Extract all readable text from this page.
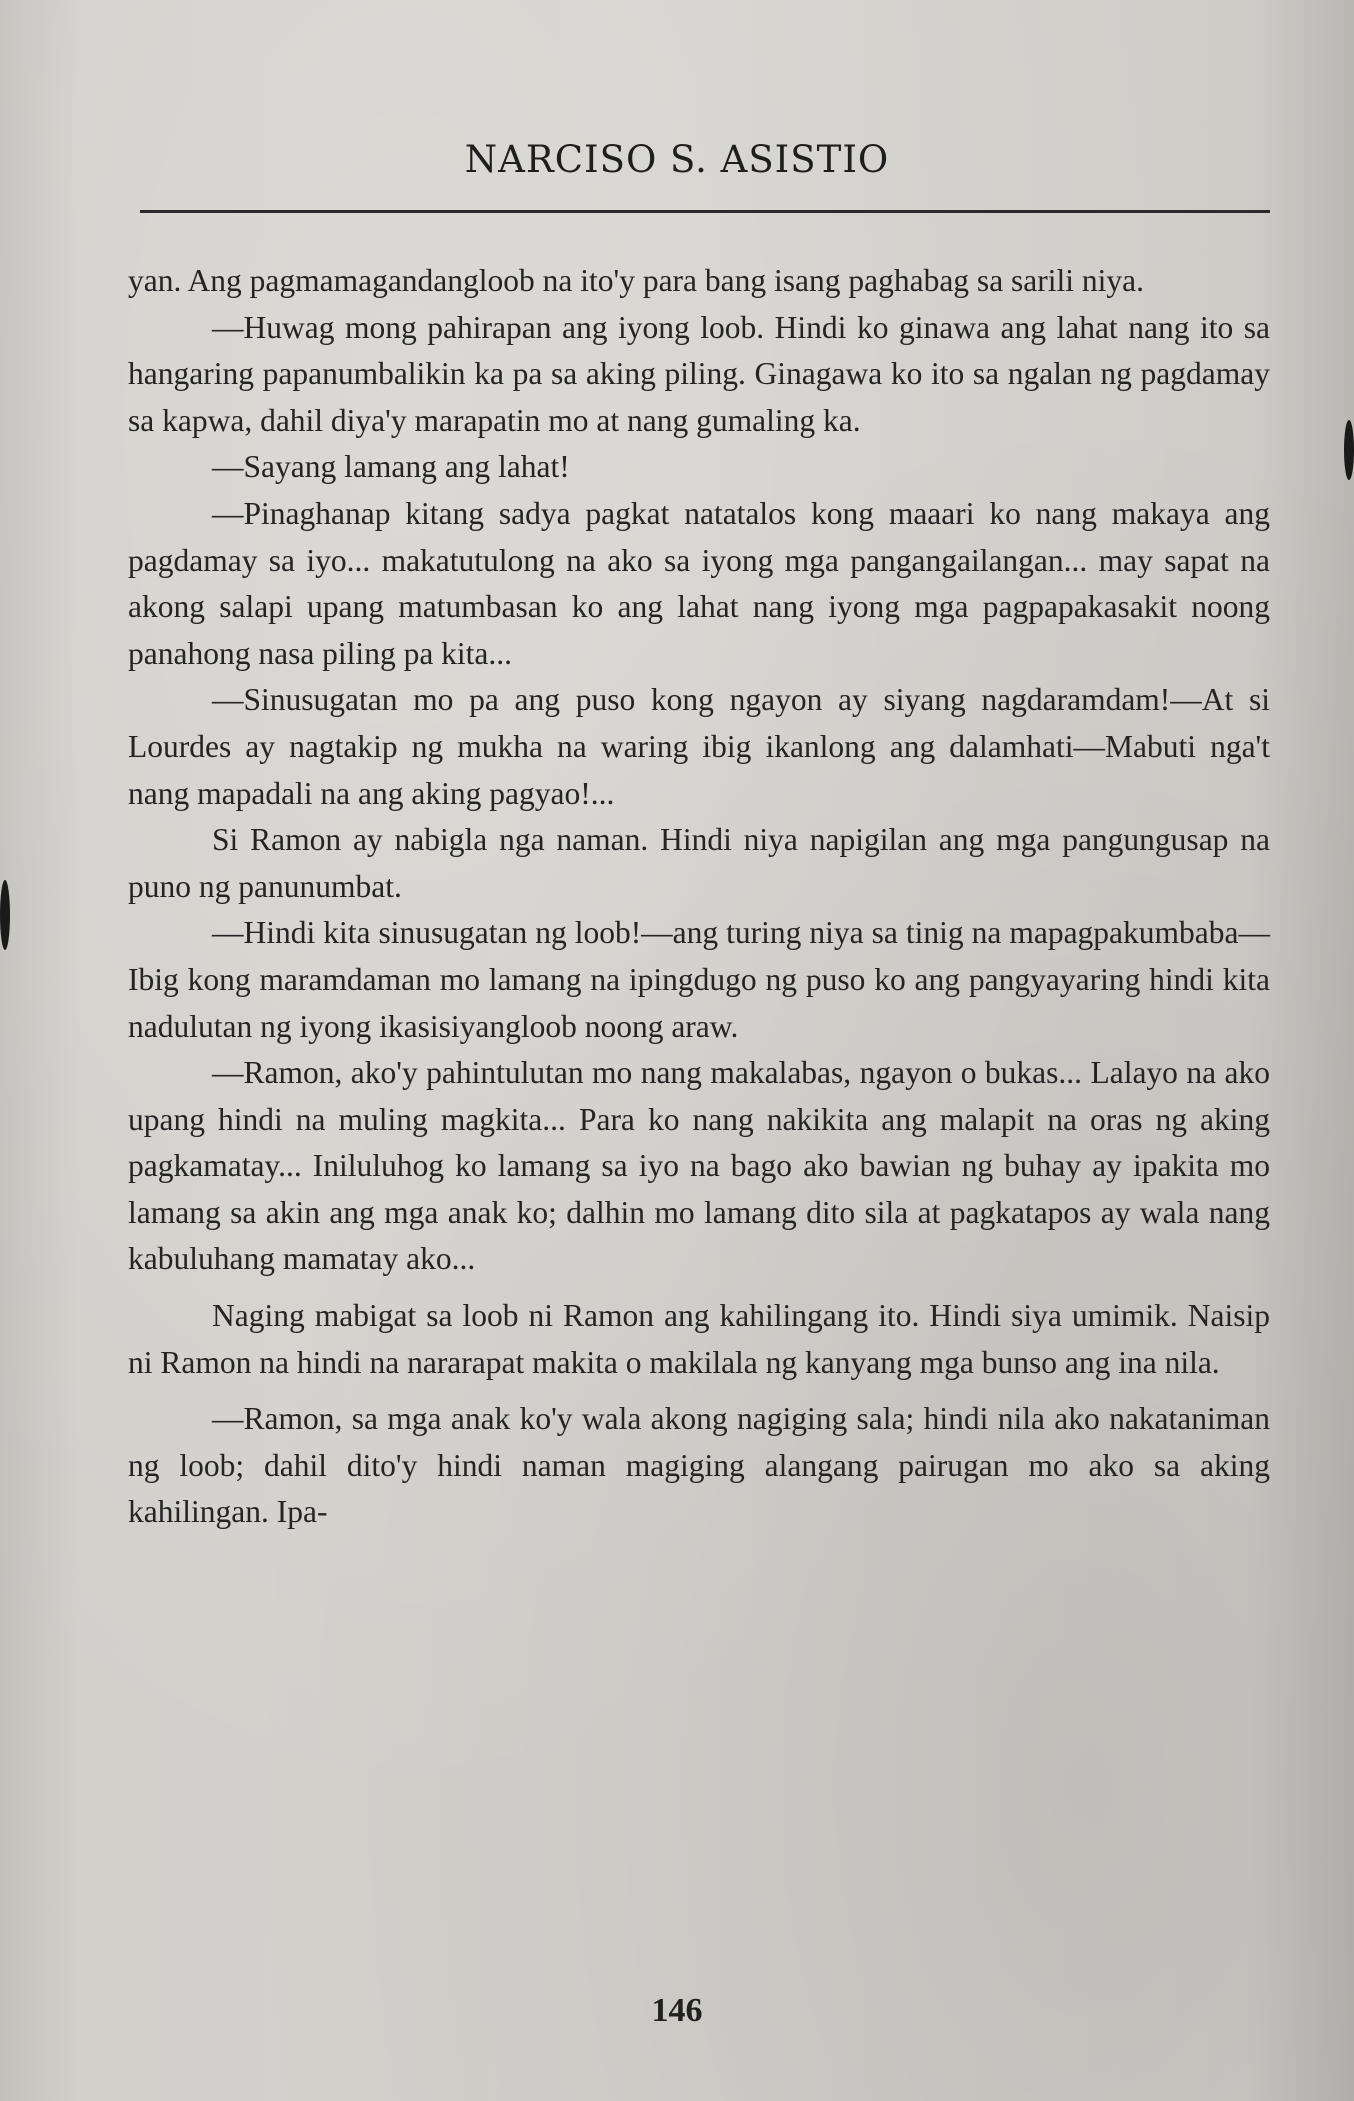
NARCISO S. ASISTIO

yan. Ang pagmamagandangloob na ito'y para bang isang paghabag sa sarili niya.

—Huwag mong pahirapan ang iyong loob. Hindi ko ginawa ang lahat nang ito sa hangaring papanumbalikin ka pa sa aking piling. Ginagawa ko ito sa ngalan ng pagdamay sa kapwa, dahil diya'y marapatin mo at nang gumaling ka.

—Sayang lamang ang lahat!

—Pinaghanap kitang sadya pagkat natatalos kong maaari ko nang makaya ang pagdamay sa iyo... makatutulong na ako sa iyong mga pangangailangan... may sapat na akong salapi upang matumbasan ko ang lahat nang iyong mga pagpapakasakit noong panahong nasa piling pa kita...

—Sinusugatan mo pa ang puso kong ngayon ay siyang nagdaramdam!—At si Lourdes ay nagtakip ng mukha na waring ibig ikanlong ang dalamhati—Mabuti nga't nang mapadali na ang aking pagyao!...

Si Ramon ay nabigla nga naman. Hindi niya napigilan ang mga pangungusap na puno ng panunumbat.

—Hindi kita sinusugatan ng loob!—ang turing niya sa tinig na mapagpakumbaba—Ibig kong maramdaman mo lamang na ipingdugo ng puso ko ang pangyayaring hindi kita nadulutan ng iyong ikasisiyangloob noong araw.

—Ramon, ako'y pahintulutan mo nang makalabas, ngayon o bukas... Lalayo na ako upang hindi na muling magkita... Para ko nang nakikita ang malapit na oras ng aking pagkamatay... Iniluluhog ko lamang sa iyo na bago ako bawian ng buhay ay ipakita mo lamang sa akin ang mga anak ko; dalhin mo lamang dito sila at pagkatapos ay wala nang kabuluhang mamatay ako...

Naging mabigat sa loob ni Ramon ang kahilingang ito. Hindi siya umimik. Naisip ni Ramon na hindi na nararapat makita o makilala ng kanyang mga bunso ang ina nila.

—Ramon, sa mga anak ko'y wala akong nagiging sala; hindi nila ako nakataniman ng loob; dahil dito'y hindi naman magiging alangang pairugan mo ako sa aking kahilingan. Ipa-

146
